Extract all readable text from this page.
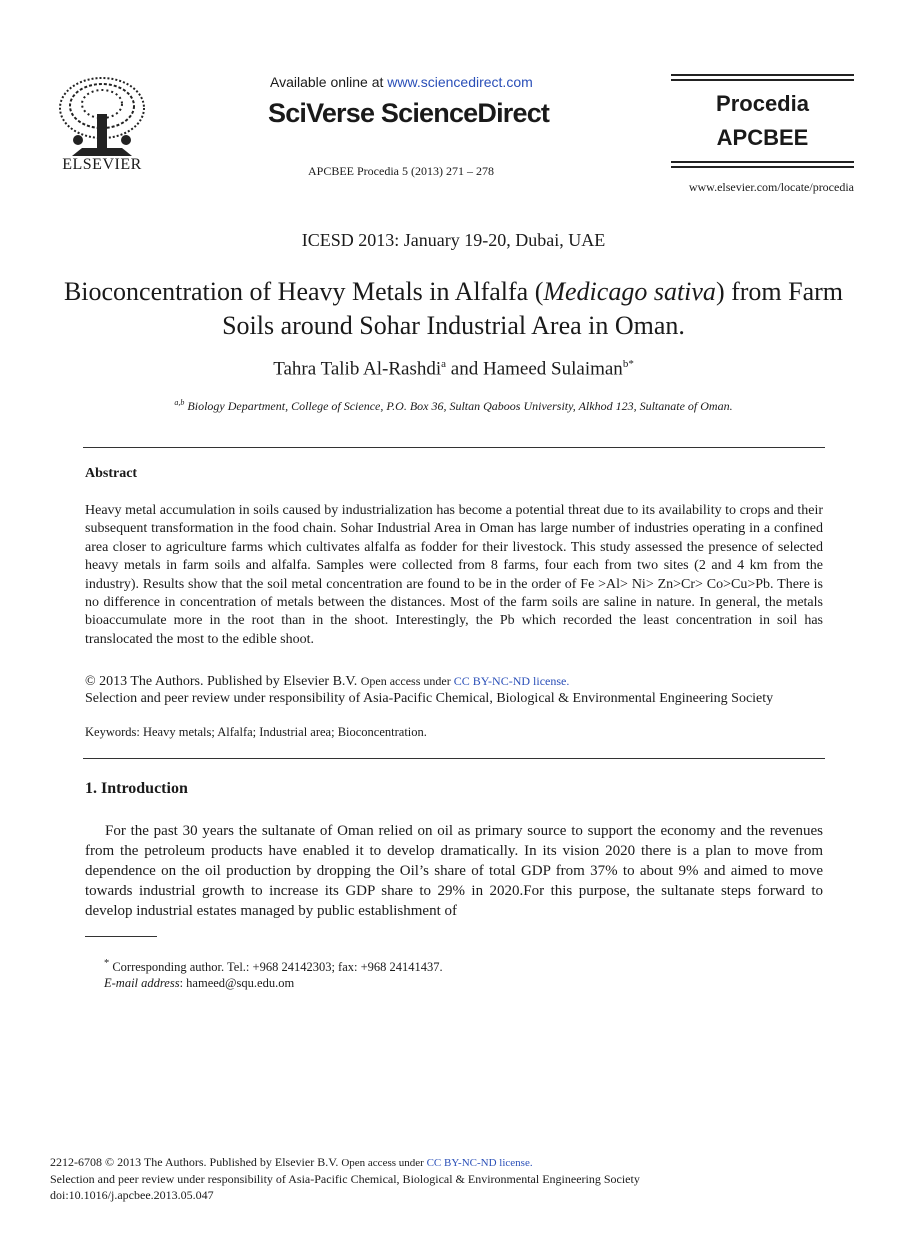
ELSEVIER
Available online at www.sciencedirect.com
SciVerse ScienceDirect
APCBEE Procedia 5 (2013) 271 – 278
Procedia
APCBEE
www.elsevier.com/locate/procedia
ICESD 2013: January 19-20, Dubai, UAE
Bioconcentration of Heavy Metals in Alfalfa (Medicago sativa) from Farm Soils around Sohar Industrial Area in Oman.
Tahra Talib Al-Rashdi$^a$ and Hameed Sulaiman$^{b*}$
$^{a,b}$ Biology Department, College of Science, P.O. Box 36, Sultan Qaboos University, Alkhod 123, Sultanate of Oman.
Abstract
Heavy metal accumulation in soils caused by industrialization has become a potential threat due to its availability to crops and their subsequent transformation in the food chain. Sohar Industrial Area in Oman has large number of industries operating in a confined area closer to agriculture farms which cultivates alfalfa as fodder for their livestock. This study assessed the presence of selected heavy metals in farm soils and alfalfa. Samples were collected from 8 farms, four each from two sites (2 and 4 km from the industry). Results show that the soil metal concentration are found to be in the order of Fe >Al> Ni> Zn>Cr> Co>Cu>Pb. There is no difference in concentration of metals between the distances. Most of the farm soils are saline in nature. In general, the metals bioaccumulate more in the root than in the shoot. Interestingly, the Pb which recorded the least concentration in soil has translocated the most to the edible shoot.
© 2013 The Authors. Published by Elsevier B.V. Open access under CC BY-NC-ND license.
Selection and peer review under responsibility of Asia-Pacific Chemical, Biological & Environmental Engineering Society
Keywords: Heavy metals; Alfalfa; Industrial area; Bioconcentration.
1. Introduction
For the past 30 years the sultanate of Oman relied on oil as primary source to support the economy and the revenues from the petroleum products have enabled it to develop dramatically. In its vision 2020 there is a plan to move from dependence on the oil production by dropping the Oil’s share of total GDP from 37% to about 9% and aimed to move towards industrial growth to increase its GDP share to 29% in 2020.For this purpose, the sultanate steps forward to develop industrial estates managed by public establishment of
* Corresponding author. Tel.: +968 24142303; fax: +968 24141437.
E-mail address: hameed@squ.edu.om
2212-6708 © 2013 The Authors. Published by Elsevier B.V. Open access under CC BY-NC-ND license.
Selection and peer review under responsibility of Asia-Pacific Chemical, Biological & Environmental Engineering Society
doi:10.1016/j.apcbee.2013.05.047
